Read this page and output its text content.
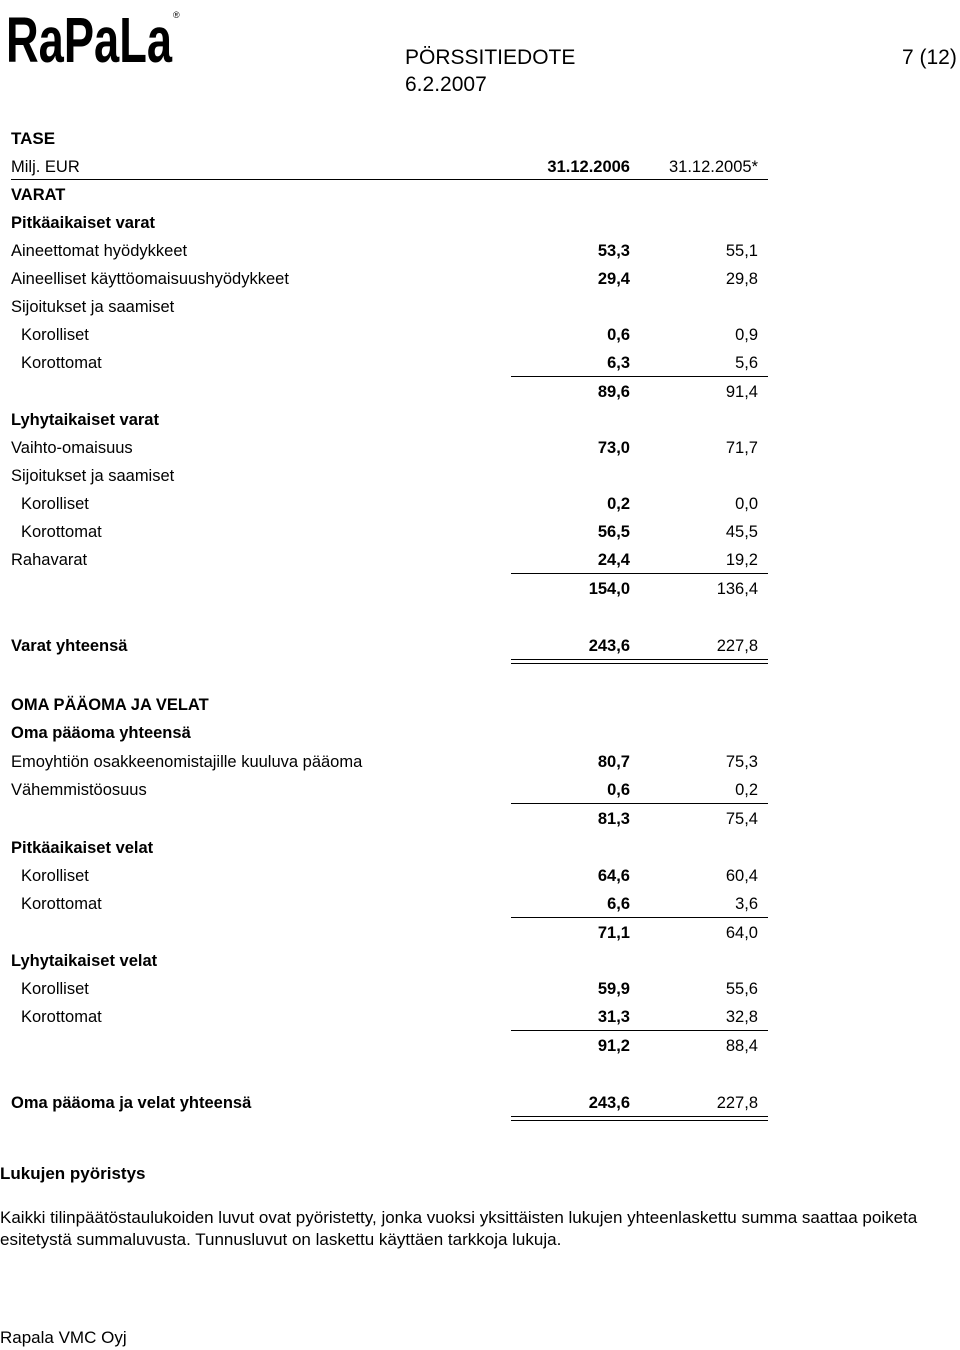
RaPaLa ®
PÖRSSITIEDOTE	7 (12)
6.2.2007
TASE
Milj. EUR	31.12.2006 31.12.2005*
VARAT
Pitkäaikaiset varat
Aineettomat hyödykkeet	53,3	55,1
Aineelliset käyttöomaisuushyödykkeet	29,4	29,8
Sijoitukset ja saamiset
Korolliset	0,6	0,9
Korottomat	6,3	5,6
89,6	91,4
Lyhytaikaiset varat
Vaihto-omaisuus	73,0	71,7
Sijoitukset ja saamiset
Korolliset	0,2	0,0
Korottomat	56,5	45,5
Rahavarat	24,4	19,2
154,0	136,4
Varat yhteensä	243,6	227,8
OMA PÄÄOMA JA VELAT
Oma pääoma yhteensä
Emoyhtiön osakkeenomistajille kuuluva pääoma	80,7	75,3
Vähemmistöosuus	0,6	0,2
81,3	75,4
Pitkäaikaiset velat
Korolliset	64,6	60,4
Korottomat	6,6	3,6
71,1	64,0
Lyhytaikaiset velat
Korolliset	59,9	55,6
Korottomat	31,3	32,8
91,2	88,4
Oma pääoma ja velat yhteensä	243,6	227,8
Lukujen pyöristys
Kaikki tilinpäätöstaulukoiden luvut ovat pyöristetty, jonka vuoksi yksittäisten lukujen yhteenlaskettu summa saattaa poiketa esitetystä summaluvusta. Tunnusluvut on laskettu käyttäen tarkkoja lukuja.
Rapala VMC Oyj
